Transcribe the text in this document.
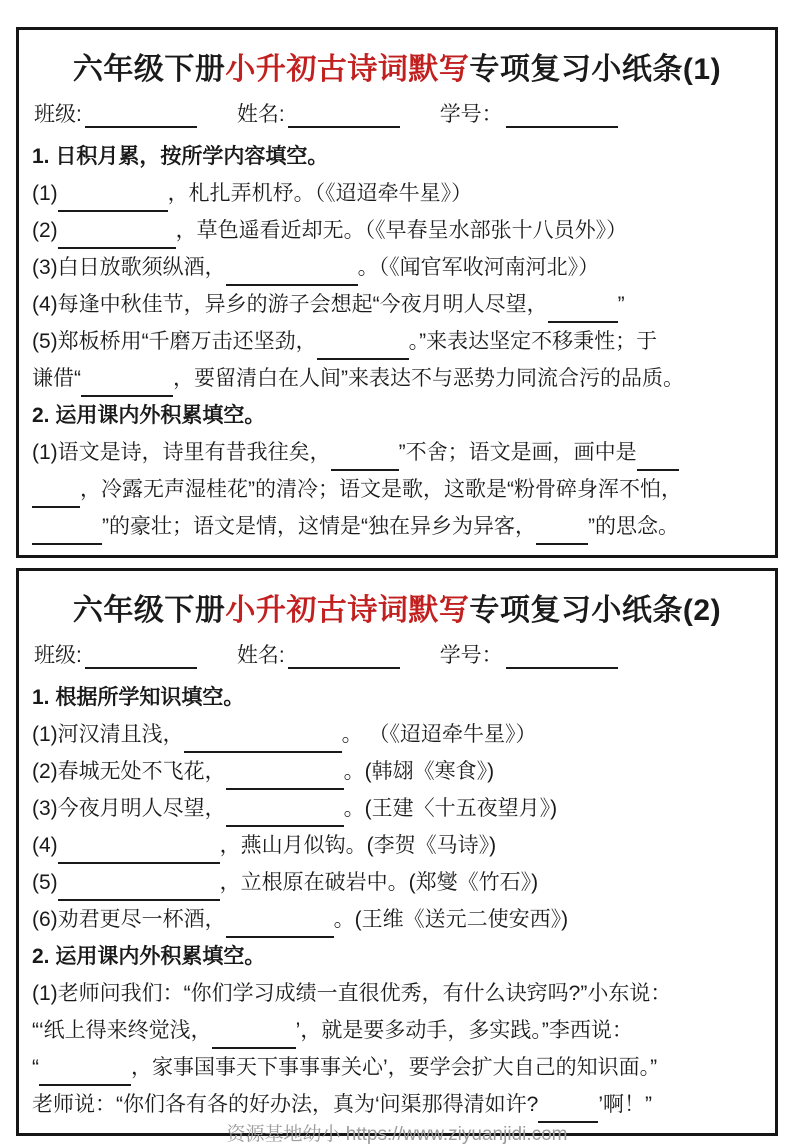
六年级下册小升初古诗词默写专项复习小纸条(1)
班级:	姓名:	学号：
1. 日积月累，按所学内容填空。
(1)	，札扎弄机杼。（《迢迢牵牛星》）
(2)	，草色遥看近却无。（《早春呈水部张十八员外》）
(3)白日放歌须纵酒，	。（《闻官军收河南河北》）
(4)每逢中秋佳节，异乡的游子会想起“今夜月明人尽望，	”
(5)郑板桥用“千磨万击还坚劲，	。”来表达坚定不移秉性；于
谦借“	，要留清白在人间”来表达不与恶势力同流合污的品质。
2. 运用课内外积累填空。
(1)语文是诗，诗里有昔我往矣，	”不舍；语文是画，画中是
，冷露无声湿桂花”的清冷；语文是歌，这歌是“粉骨碎身浑不怕，
”的豪壮；语文是情，这情是“独在异乡为异客， ”的思念。
六年级下册小升初古诗词默写专项复习小纸条(2)
班级:	姓名:	学号：
1. 根据所学知识填空。
(1)河汉清且浅，	。 （《迢迢牵牛星》）
(2)春城无处不飞花，	。(韩翃《寒食》)
(3)今夜月明人尽望，	。(王建〈十五夜望月》)
(4)	，燕山月似钩。(李贺《马诗》)
(5)	，立根原在破岩中。(郑燮《竹石》)
(6)劝君更尽一杯酒，	。(王维《送元二使安西》)
2. 运用课内外积累填空。
(1)老师问我们：“你们学习成绩一直很优秀，有什么诀窍吗?”小东说：
“‘纸上得来终觉浅，	’，就是要多动手，多实践。”李西说：
“	，家事国事天下事事事关心’，要学会扩大自己的知识面。”
老师说：“你们各有各的好办法，真为‘问渠那得清如许?	’啊！”
资源基地幼小 https://www.ziyuanjidi.com
